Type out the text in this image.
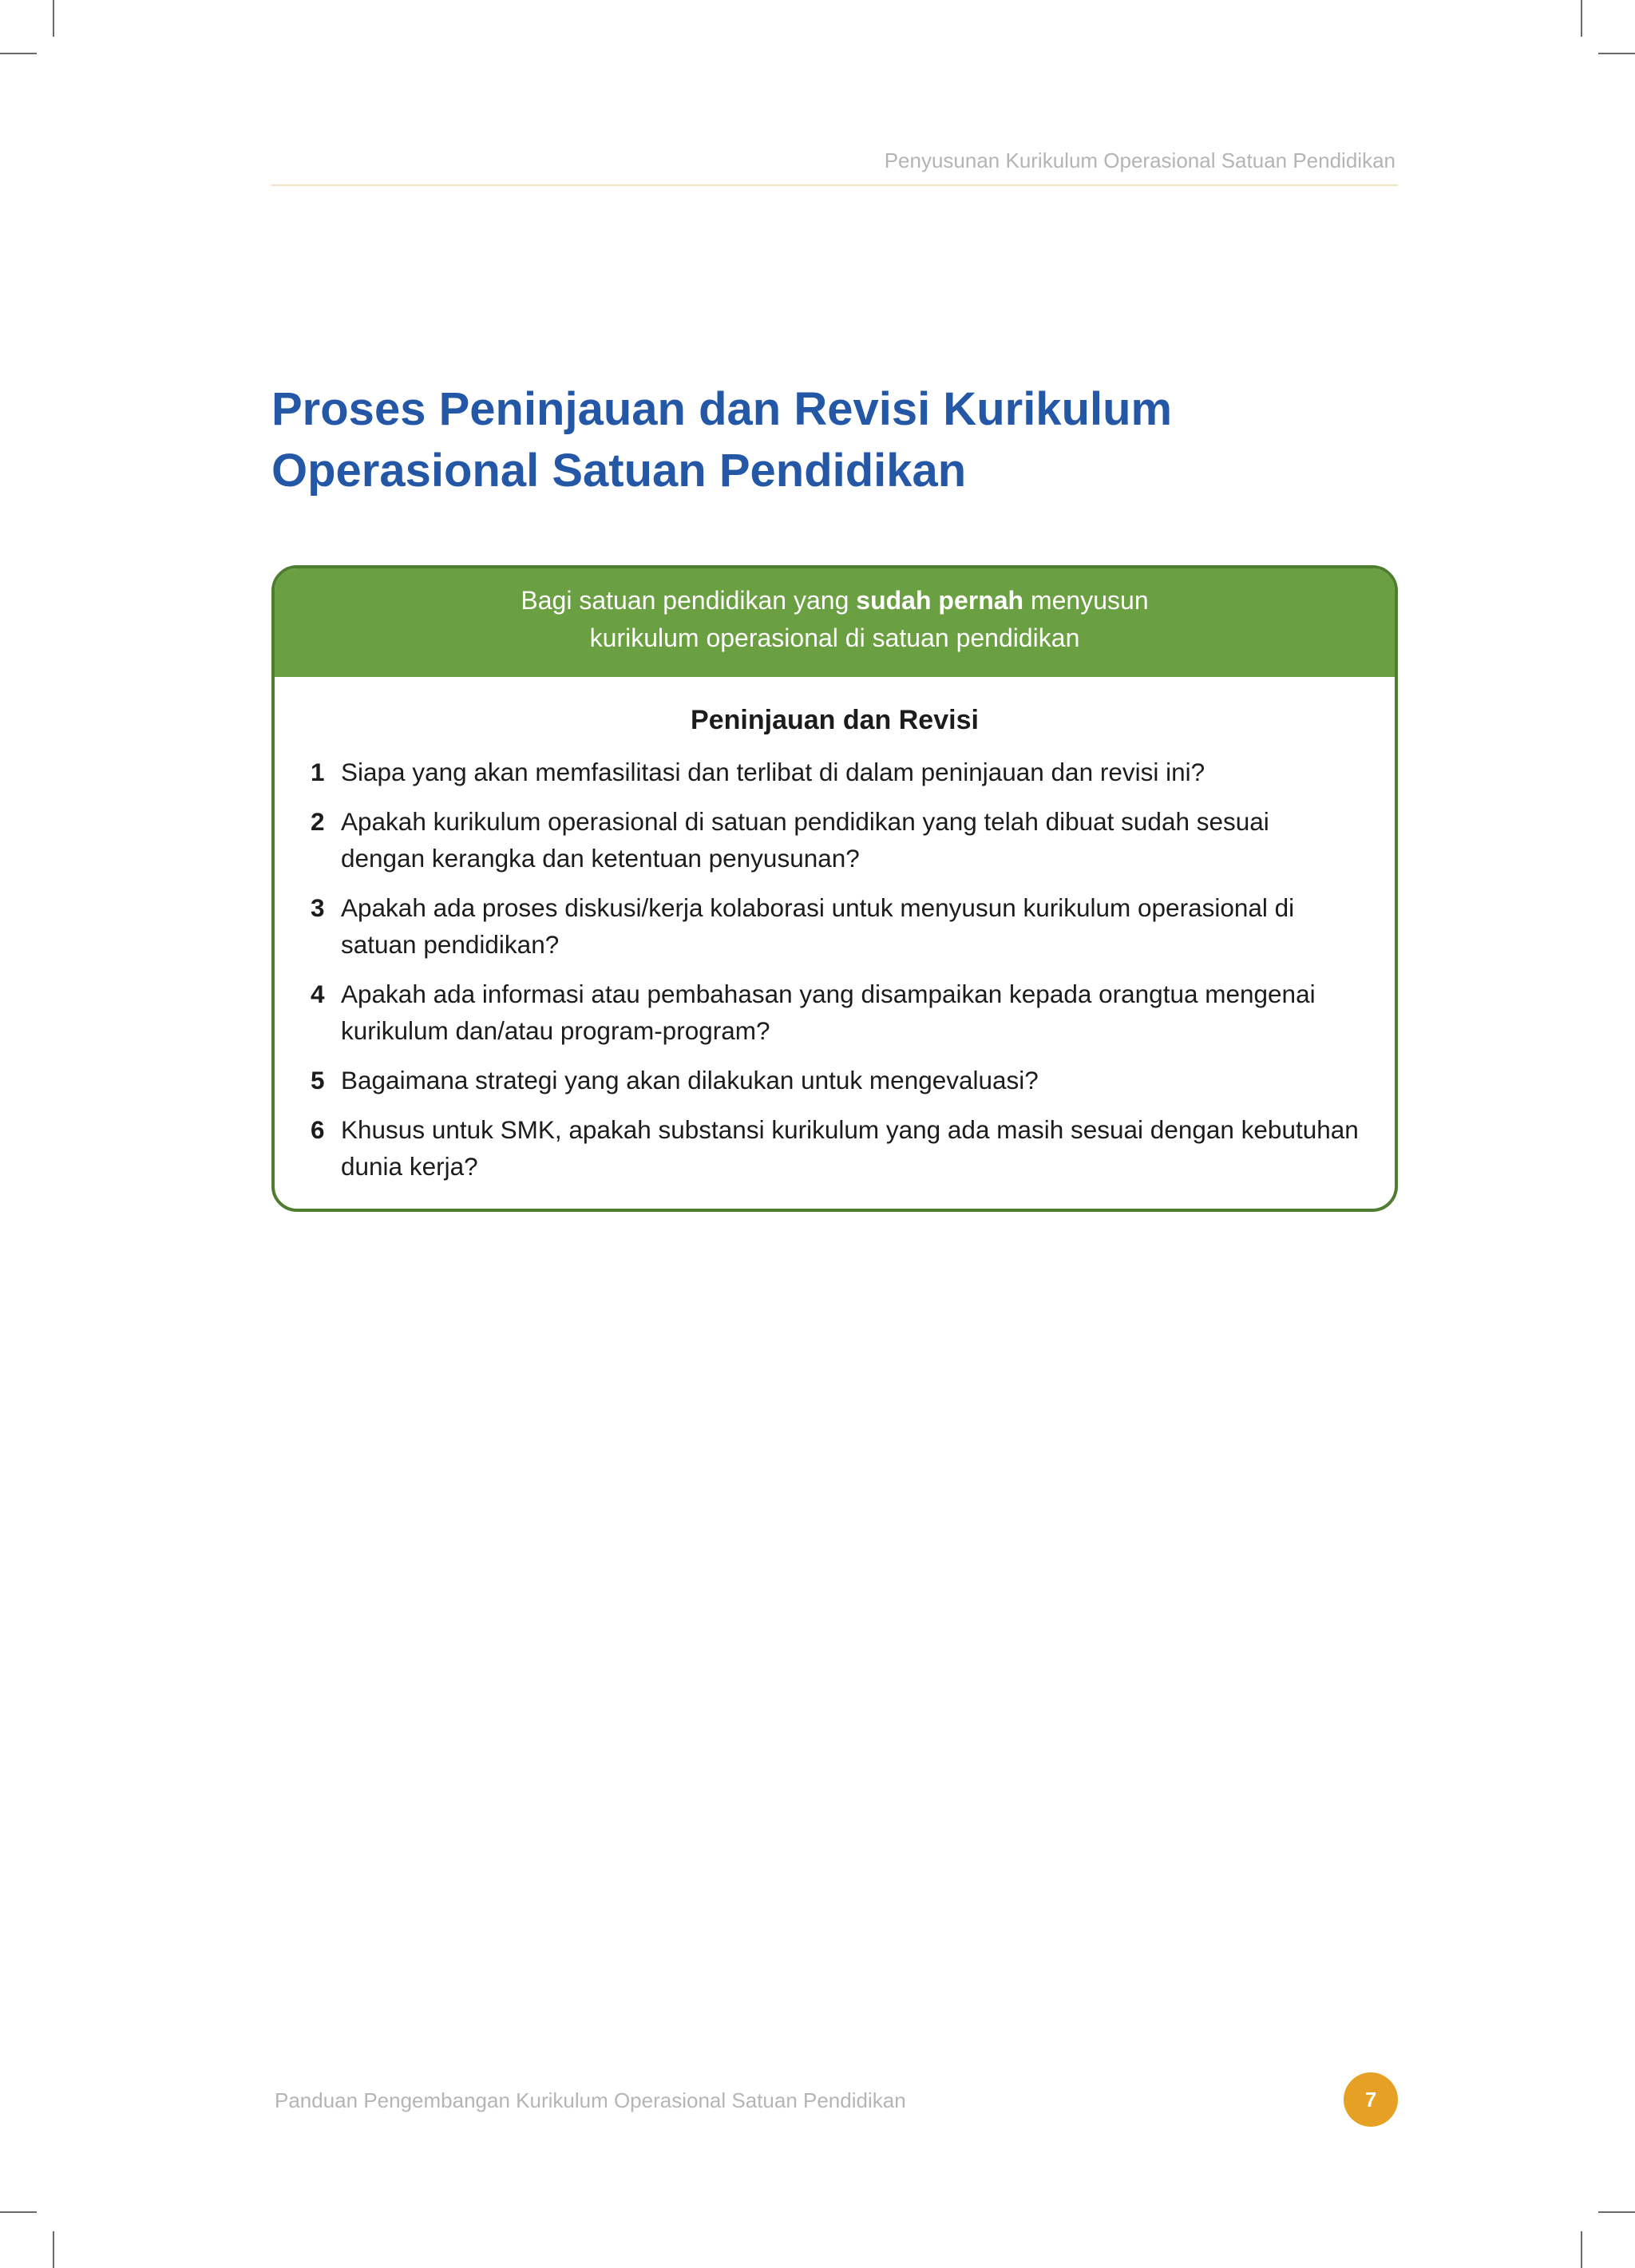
Penyusunan Kurikulum Operasional Satuan Pendidikan
Proses Peninjauan dan Revisi Kurikulum
Operasional Satuan Pendidikan
Bagi satuan pendidikan yang sudah pernah menyusun
kurikulum operasional di satuan pendidikan
Peninjauan dan Revisi
1 Siapa yang akan memfasilitasi dan terlibat di dalam peninjauan dan revisi ini?
2 Apakah kurikulum operasional di satuan pendidikan yang telah dibuat sudah sesuai
dengan kerangka dan ketentuan penyusunan?
3 Apakah ada proses diskusi/kerja kolaborasi untuk menyusun kurikulum operasional di
satuan pendidikan?
4 Apakah ada informasi atau pembahasan yang disampaikan kepada orangtua mengenai
kurikulum dan/atau program-program?
5 Bagaimana strategi yang akan dilakukan untuk mengevaluasi?
6 Khusus untuk SMK, apakah substansi kurikulum yang ada masih sesuai dengan kebutuhan
dunia kerja?
Panduan Pengembangan Kurikulum Operasional Satuan Pendidikan	7
